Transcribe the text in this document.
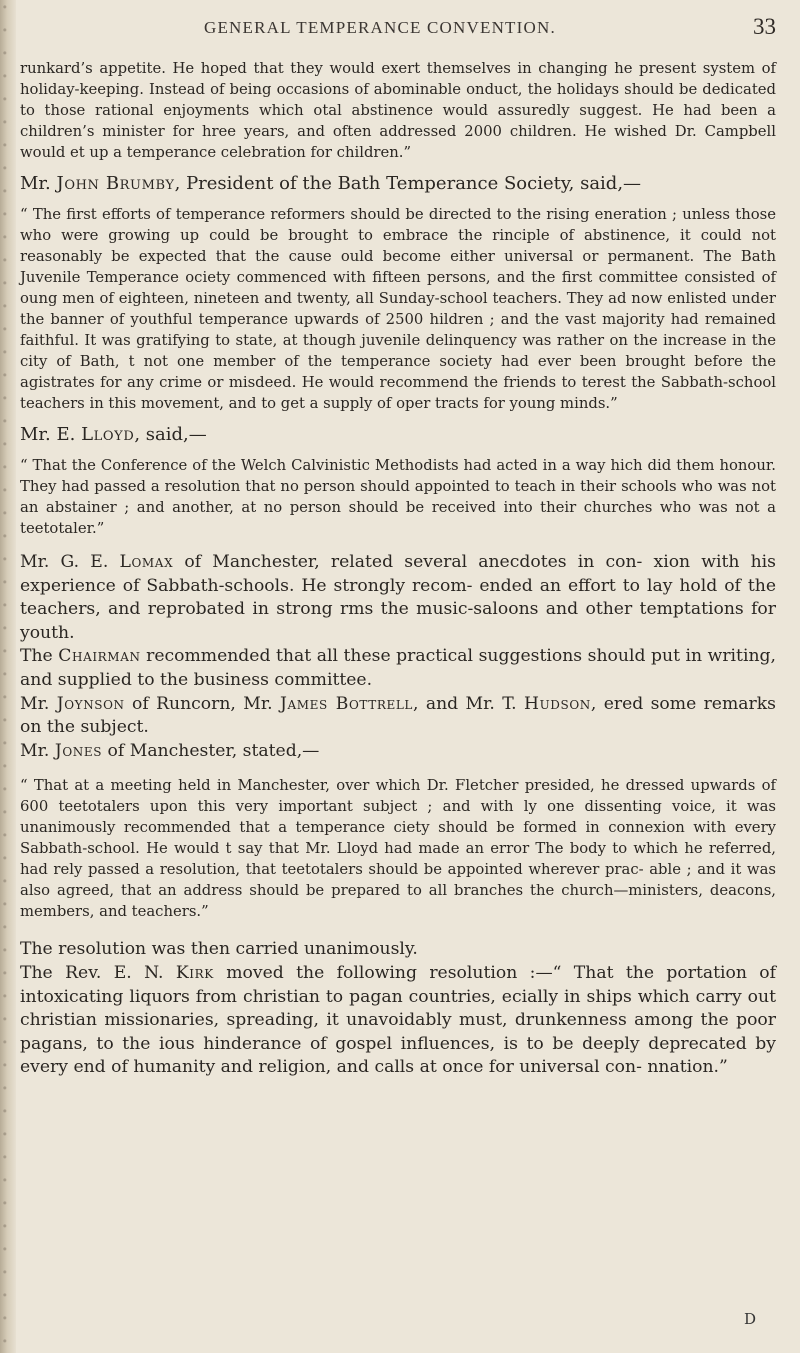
GENERAL TEMPERANCE CONVENTION.	33

runkard’s appetite. He hoped that they would exert themselves in changing he present system of holiday-keeping. Instead of being occasions of abominable onduct, the holidays should be dedicated to those rational enjoyments which otal abstinence would assuredly suggest. He had been a children’s minister for hree years, and often addressed 2000 children. He wished Dr. Campbell would et up a temperance celebration for children.”

Mr. John Brumby, President of the Bath Temperance Society, said,—

“ The first efforts of temperance reformers should be directed to the rising eneration ; unless those who were growing up could be brought to embrace the rinciple of abstinence, it could not reasonably be expected that the cause ould become either universal or permanent. The Bath Juvenile Temperance ociety commenced with fifteen persons, and the first committee consisted of oung men of eighteen, nineteen and twenty, all Sunday-school teachers. They ad now enlisted under the banner of youthful temperance upwards of 2500 hildren ; and the vast majority had remained faithful. It was gratifying to state, at though juvenile delinquency was rather on the increase in the city of Bath, t not one member of the temperance society had ever been brought before the agistrates for any crime or misdeed. He would recommend the friends to terest the Sabbath-school teachers in this movement, and to get a supply of oper tracts for young minds.”

Mr. E. Lloyd, said,—

“ That the Conference of the Welch Calvinistic Methodists had acted in a way hich did them honour. They had passed a resolution that no person should appointed to teach in their schools who was not an abstainer ; and another, at no person should be received into their churches who was not a teetotaler.”

Mr. G. E. Lomax of Manchester, related several anecdotes in con- xion with his experience of Sabbath-schools. He strongly recom- ended an effort to lay hold of the teachers, and reprobated in strong rms the music-saloons and other temptations for youth.

The Chairman recommended that all these practical suggestions should put in writing, and supplied to the business committee.

Mr. Joynson of Runcorn, Mr. James Bottrell, and Mr. T. Hudson, ered some remarks on the subject.

Mr. Jones of Manchester, stated,—

“ That at a meeting held in Manchester, over which Dr. Fletcher presided, he dressed upwards of 600 teetotalers upon this very important subject ; and with ly one dissenting voice, it was unanimously recommended that a temperance ciety should be formed in connexion with every Sabbath-school. He would t say that Mr. Lloyd had made an error The body to which he referred, had rely passed a resolution, that teetotalers should be appointed wherever prac- able ; and it was also agreed, that an address should be prepared to all branches the church—ministers, deacons, members, and teachers.”

The resolution was then carried unanimously.

The Rev. E. N. Kirk moved the following resolution :—“ That the portation of intoxicating liquors from christian to pagan countries, ecially in ships which carry out christian missionaries, spreading, it unavoidably must, drunkenness among the poor pagans, to the ious hinderance of gospel influences, is to be deeply deprecated by every end of humanity and religion, and calls at once for universal con- nnation.”

D
